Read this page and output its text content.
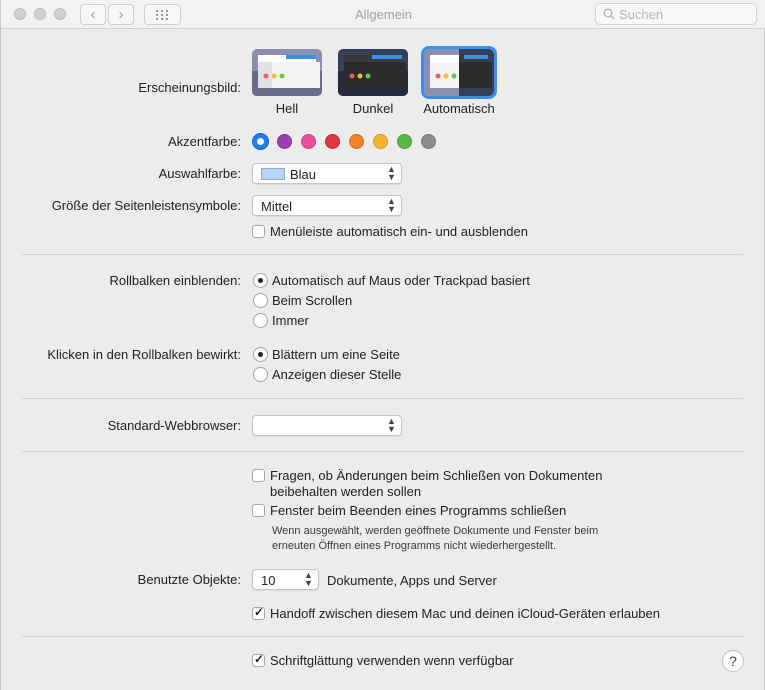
‹	›	Allgemein	Suchen
Erscheinungsbild:
Hell	Dunkel	Automatisch
Akzentfarbe:
Auswahlfarbe:	Blau	▲
▼
Größe der Seitenleistensymbole: Mittel	▲
▼
Menüleiste automatisch ein- und ausblenden
Rollbalken einblenden: Automatisch auf Maus oder Trackpad basiert
Beim Scrollen
Immer
Klicken in den Rollbalken bewirkt: Blättern um eine Seite
Anzeigen dieser Stelle
Standard-Webbrowser:	▲
▼
Fragen, ob Änderungen beim Schließen von Dokumenten
beibehalten werden sollen
Fenster beim Beenden eines Programms schließen
Wenn ausgewählt, werden geöffnete Dokumente und Fenster beim
erneuten Öffnen eines Programms nicht wiederhergestellt.
Benutzte Objekte: 10	▲
▼ Dokumente, Apps und Server
✓
Handoff zwischen diesem Mac und deinen iCloud-Geräten erlauben
✓
Schriftglättung verwenden wenn verfügbar	?
